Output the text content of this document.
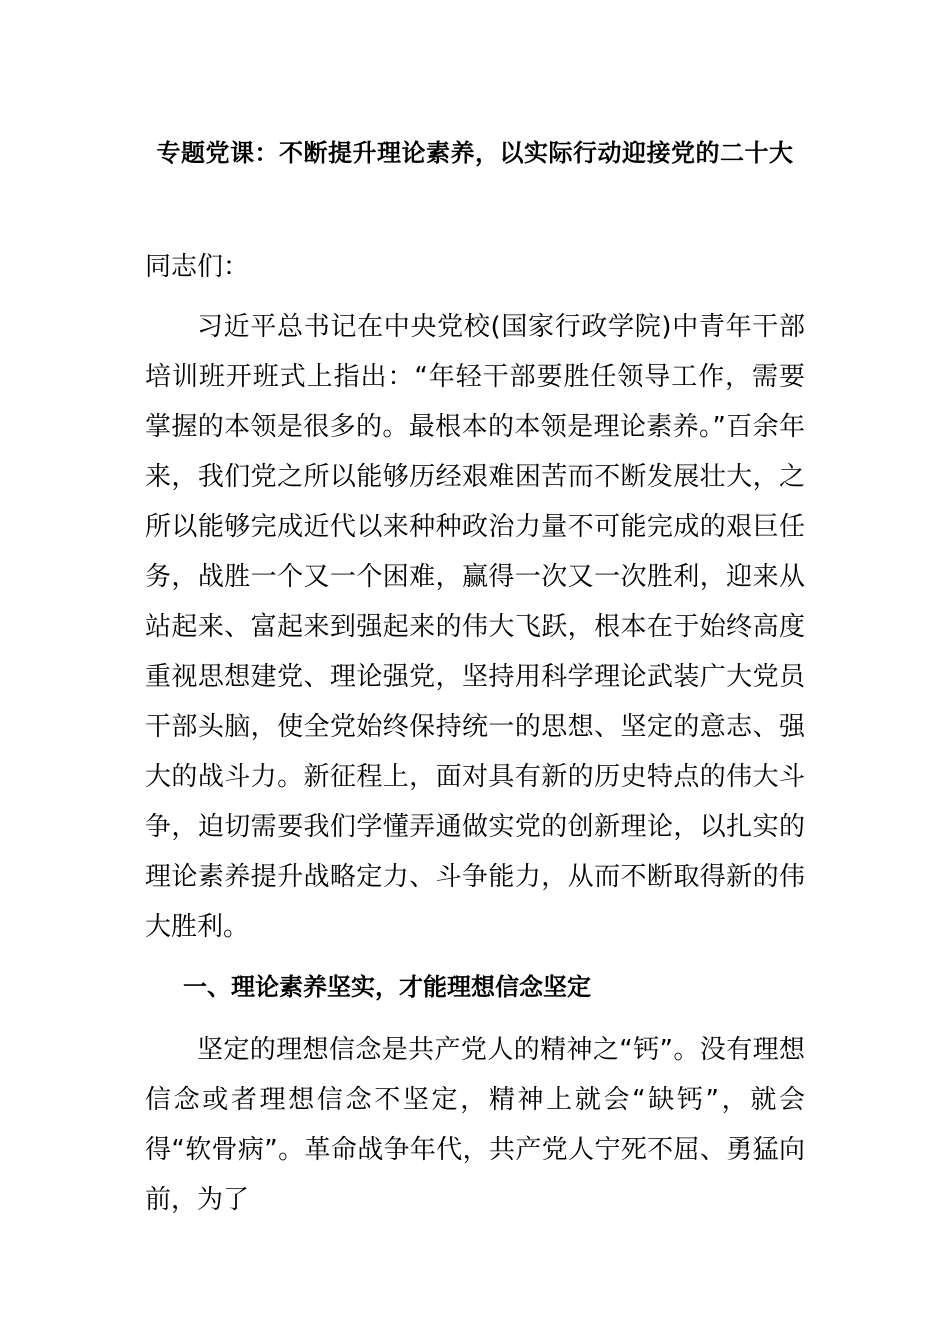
专题党课：不断提升理论素养，以实际行动迎接党的二十大
同志们：
习近平总书记在中央党校(国家行政学院)中青年干部培训班开班式上指出：“年轻干部要胜任领导工作，需要掌握的本领是很多的。最根本的本领是理论素养。”百余年来，我们党之所以能够历经艰难困苦而不断发展壮大，之所以能够完成近代以来种种政治力量不可能完成的艰巨任务，战胜一个又一个困难，赢得一次又一次胜利，迎来从站起来、富起来到强起来的伟大飞跃，根本在于始终高度重视思想建党、理论强党，坚持用科学理论武装广大党员干部头脑，使全党始终保持统一的思想、坚定的意志、强大的战斗力。新征程上，面对具有新的历史特点的伟大斗争，迫切需要我们学懂弄通做实党的创新理论，以扎实的理论素养提升战略定力、斗争能力，从而不断取得新的伟大胜利。
一、理论素养坚实，才能理想信念坚定
坚定的理想信念是共产党人的精神之“钙”。没有理想信念或者理想信念不坚定，精神上就会“缺钙”，就会得“软骨病”。革命战争年代，共产党人宁死不屈、勇猛向前，为了
